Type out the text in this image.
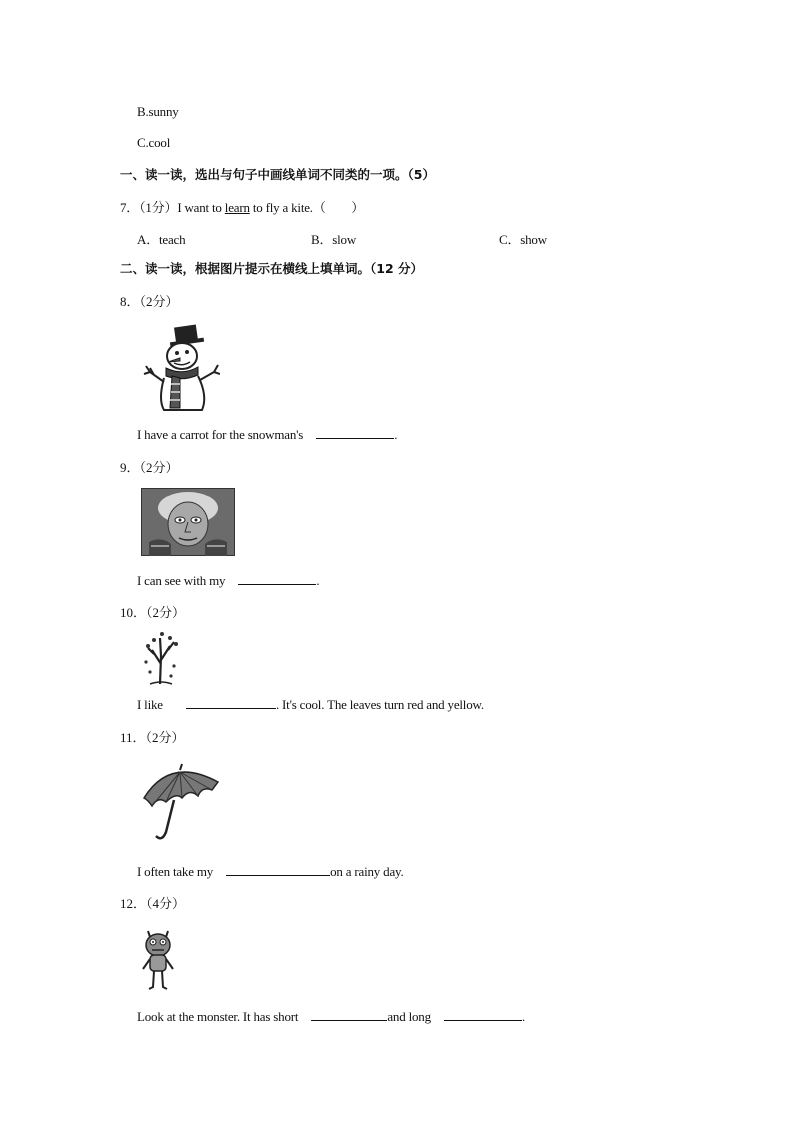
B.sunny
C.cool
一、读一读，选出与句子中画线单词不同类的一项。（5）
7．（1分）I want to learn to fly a kite.（　　）
A．teach	B．slow	C．show
二、读一读，根据图片提示在横线上填单词。（12 分）
8．（2分）
I have a carrot for the snowman's	.
9．（2分）
I can see with my	.
10．（2分）
I like	. It's cool. The leaves turn red and yellow.
11．（2分）
I often take my	on a rainy day.
12．（4分）
Look at the monster. It has short	and long	.
